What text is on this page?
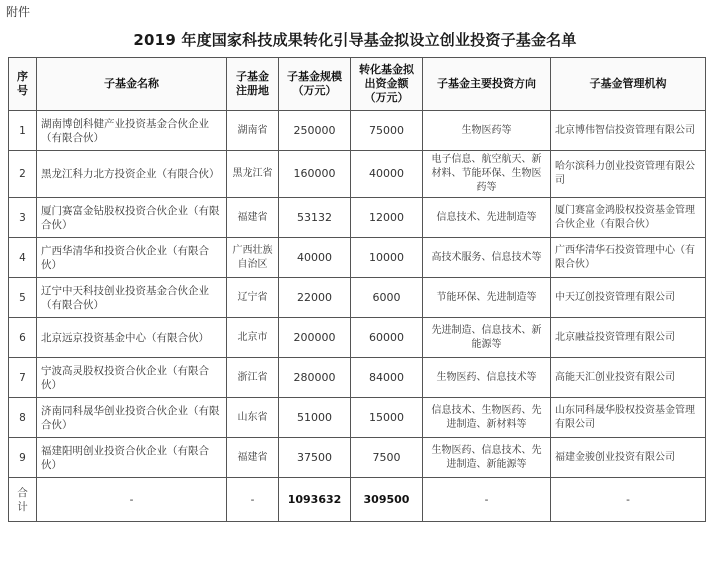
附件
2019 年度国家科技成果转化引导基金拟设立创业投资子基金名单
序号	子基金名称	子基金注册地	子基金规模（万元）	转化基金拟出资金额（万元）	子基金主要投资方向	子基金管理机构
1	湖南博创科健产业投资基金合伙企业（有限合伙）	湖南省	250000	75000	生物医药等	北京博伟智信投资管理有限公司
2	黑龙江科力北方投资企业（有限合伙）	黑龙江省	160000	40000	电子信息、航空航天、新材料、节能环保、生物医药等	哈尔滨科力创业投资管理有限公司
3	厦门赛富金钻股权投资合伙企业（有限合伙）	福建省	53132	12000	信息技术、先进制造等	厦门赛富金鸿股权投资基金管理合伙企业（有限合伙）
4	广西华清华和投资合伙企业（有限合伙）	广西壮族自治区	40000	10000	高技术服务、信息技术等	广西华清华石投资管理中心（有限合伙）
5	辽宁中天科技创业投资基金合伙企业（有限合伙）	辽宁省	22000	6000	节能环保、先进制造等	中天辽创投资管理有限公司
6	北京远京投资基金中心（有限合伙）	北京市	200000	60000	先进制造、信息技术、新能源等	北京融益投资管理有限公司
7	宁波高灵股权投资合伙企业（有限合伙）	浙江省	280000	84000	生物医药、信息技术等	高能天汇创业投资有限公司
8	济南同科晟华创业投资合伙企业（有限合伙）	山东省	51000	15000	信息技术、生物医药、先进制造、新材料等	山东同科晟华股权投资基金管理有限公司
9	福建阳明创业投资合伙企业（有限合伙）	福建省	37500	7500	生物医药、信息技术、先进制造、新能源等	福建金骏创业投资有限公司
合计	-	-	1093632	309500	-	-
